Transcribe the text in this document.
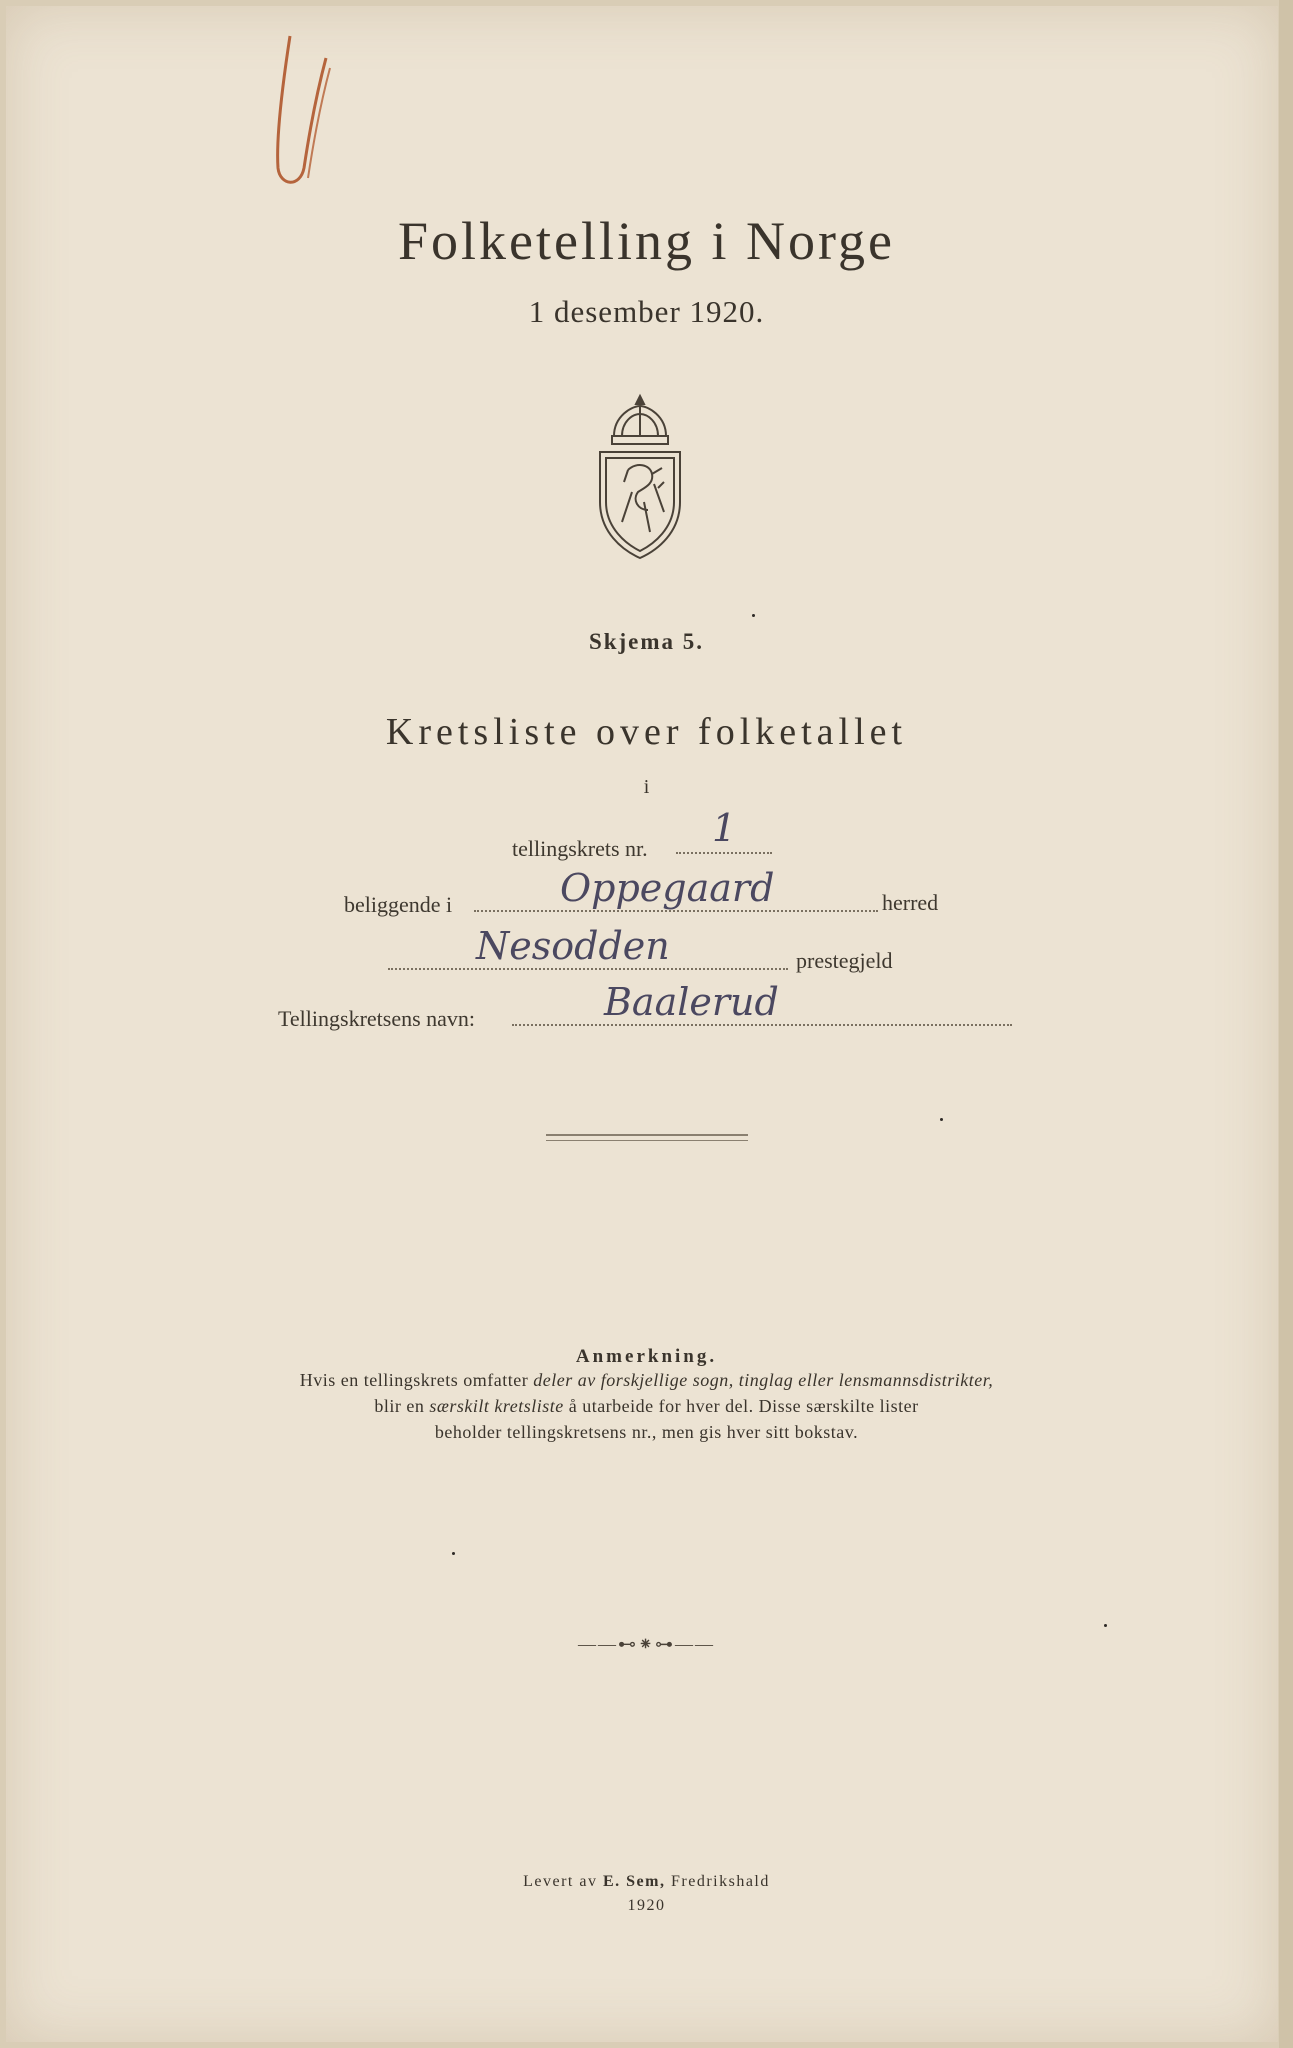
Folketelling i Norge
1 desember 1920.
Skjema 5.
Kretsliste over folketallet
i
tellingskrets nr. 1
beliggende i	Oppegaard	herred
Nesodden	prestegjeld
Tellingskretsens navn:	Baalerud
Anmerkning.
Hvis en tellingskrets omfatter deler av forskjellige sogn, tinglag eller lensmannsdistrikter,
blir en særskilt kretsliste å utarbeide for hver del. Disse særskilte lister
beholder tellingskretsens nr., men gis hver sitt bokstav.
——⊷⁕⊶——
Levert av E. Sem, Fredrikshald
1920
